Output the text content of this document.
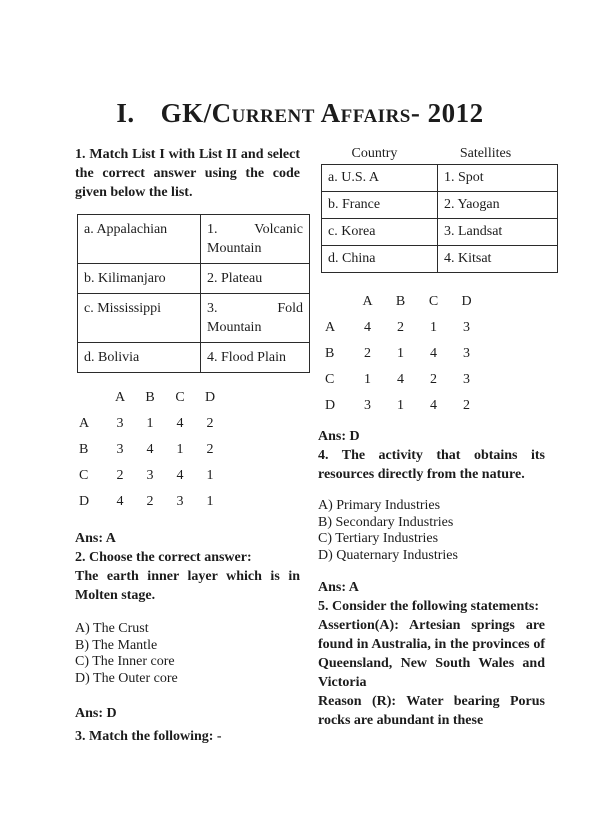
I. GK/Current Affairs- 2012

1. Match List I with List II and select the correct answer using the code given below the list.

a. Appalachian	1. Volcanic Mountain
b. Kilimanjaro	2. Plateau
c. Mississippi	3. Fold Mountain
d. Bolivia	4. Flood Plain
	A	B	C	D
A	3	1	4	2
B	3	4	1	2
C	2	3	4	1
D	4	2	3	1

Ans: A

2. Choose the correct answer:

The earth inner layer which is in Molten stage.

A) The Crust
B) The Mantle
C) The Inner core
D) The Outer core

Ans: D

3. Match the following: -

Country	Satellites
a. U.S. A	1. Spot
b. France	2. Yaogan
c. Korea	3. Landsat
d. China	4. Kitsat
	A	B	C	D
A	4	2	1	3
B	2	1	4	3
C	1	4	2	3
D	3	1	4	2

Ans: D

4. The activity that obtains its resources directly from the nature.

A) Primary Industries
B) Secondary Industries
C) Tertiary Industries
D) Quaternary Industries

Ans: A

5. Consider the following statements:

Assertion(A): Artesian springs are found in Australia, in the provinces of Queensland, New South Wales and Victoria

Reason (R): Water bearing Porus rocks are abundant in these
